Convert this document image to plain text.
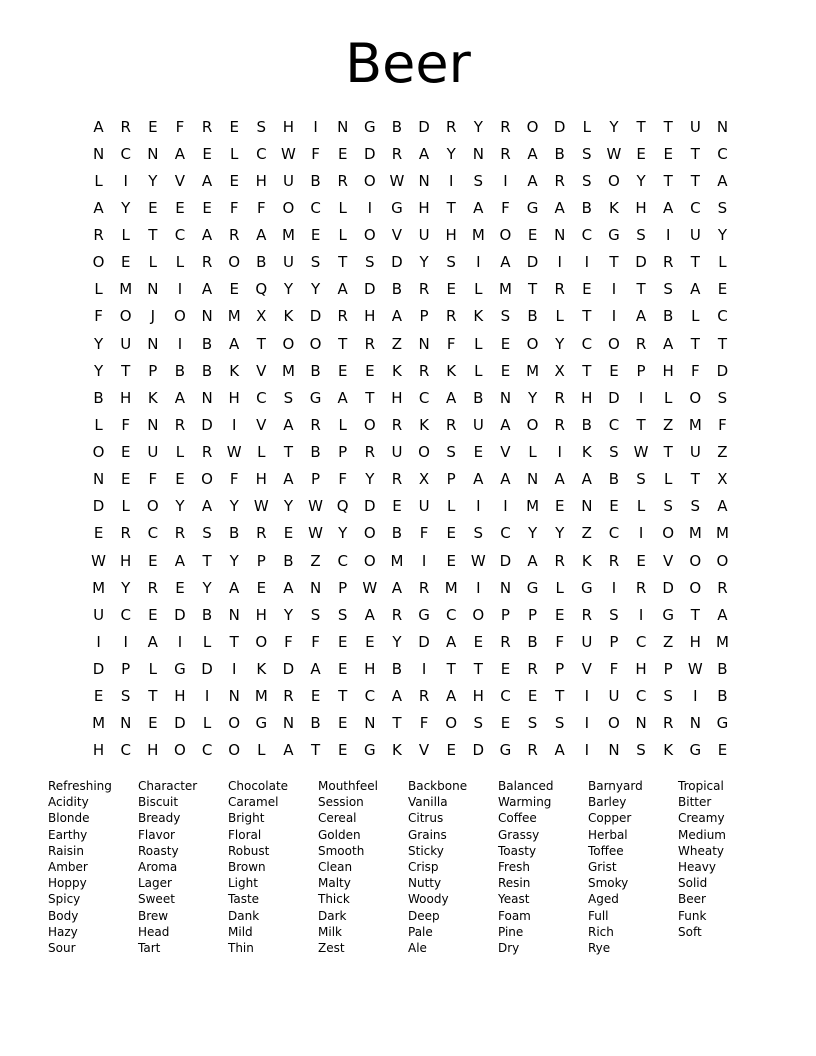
Beer
A	R	E	F	R	E	S	H	I	N	G	B	D	R	Y	R	O	D	L	Y	T	T	U	N
N	C	N	A	E	L	C W	F	E	D	R	A	Y	N	R	A	B	S W E	E	T	C
L	I	Y	V	A	E	H	U	B	R	O W N	I	S	I	A	R	S	O	Y	T	T	A
A	Y	E	E	E	F	F	O	C	L	I	G	H	T	A	F	G	A	B	K	H	A	C	S
R	L	T	C	A	R	A	M	E	L	O	V	U	H	M O	E	N	C	G	S	I	U	Y
O	E	L	L	R	O	B	U	S	T	S	D	Y	S	I	A	D	I	I	T	D	R	T	L
L	M	N	I	A	E	Q	Y	Y	A	D	B	R	E	L	M	T	R	E	I	T	S	A	E
F	O	J	O	N	M	X	K	D	R	H	A	P	R	K	S	B	L	T	I	A	B	L	C
Y	U	N	I	B	A	T	O	O	T	R	Z	N	F	L	E	O	Y	C	O	R	A	T	T
Y	T	P	B	B	K	V	M	B	E	E	K	R	K	L	E	M	X	T	E	P	H	F	D
B	H	K	A	N	H	C	S	G	A	T	H	C	A	B	N	Y	R	H	D	I	L	O	S
L	F	N	R	D	I	V	A	R	L	O	R	K	R	U	A	O	R	B	C	T	Z	M	F
O	E	U	L	R W	L	T	B	P	R	U	O	S	E	V	L	I	K	S W	T	U	Z
N	E	F	E	O	F	H	A	P	F	Y	R	X	P	A	A	N	A	A	B	S	L	T	X
D	L	O	Y	A	Y	W	Y	W Q	D	E	U	L	I	I	M	E	N	E	L	S	S	A
E	R	C	R	S	B	R	E W	Y	O	B	F	E	S	C	Y	Y	Z	C	I	O M M
W H	E	A	T	Y	P	B	Z	C	O M	I	E W D	A	R	K	R	E	V	O	O
M	Y	R	E	Y	A	E	A	N	P	W A	R	M	I	N	G	L	G	I	R	D	O	R
U	C	E	D	B	N	H	Y	S	S	A	R	G	C	O	P	P	E	R	S	I	G	T	A
I	I	A	I	L	T	O	F	F	E	E	Y	D	A	E	R	B	F	U	P	C	Z	H	M
D	P	L	G	D	I	K	D	A	E	H	B	I	T	T	E	R	P	V	F	H	P	W B
E	S	T	H	I	N	M	R	E	T	C	A	R	A	H	C	E	T	I	U	C	S	I	B
M	N	E	D	L	O	G	N	B	E	N	T	F	O	S	E	S	S	I	O	N	R	N	G
H	C	H	O	C	O	L	A	T	E	G	K	V	E	D	G	R	A	I	N	S	K	G	E
Refreshing
Acidity
Blonde
Earthy
Raisin
Amber
Hoppy
Spicy
Body
Hazy
Sour
Character
Biscuit
Bready
Flavor
Roasty
Aroma
Lager
Sweet
Brew
Head
Tart
Chocolate
Caramel
Bright
Floral
Robust
Brown
Light
Taste
Dank
Mild
Thin
Mouthfeel
Session
Cereal
Golden
Smooth
Clean
Malty
Thick
Dark
Milk
Zest
Backbone
Vanilla
Citrus
Grains
Sticky
Crisp
Nutty
Woody
Deep
Pale
Ale
Balanced
Warming
Coffee
Grassy
Toasty
Fresh
Resin
Yeast
Foam
Pine
Dry
Barnyard
Barley
Copper
Herbal
Toffee
Grist
Smoky
Aged
Full
Rich
Rye
Tropical
Bitter
Creamy
Medium
Wheaty
Heavy
Solid
Beer
Funk
Soft
